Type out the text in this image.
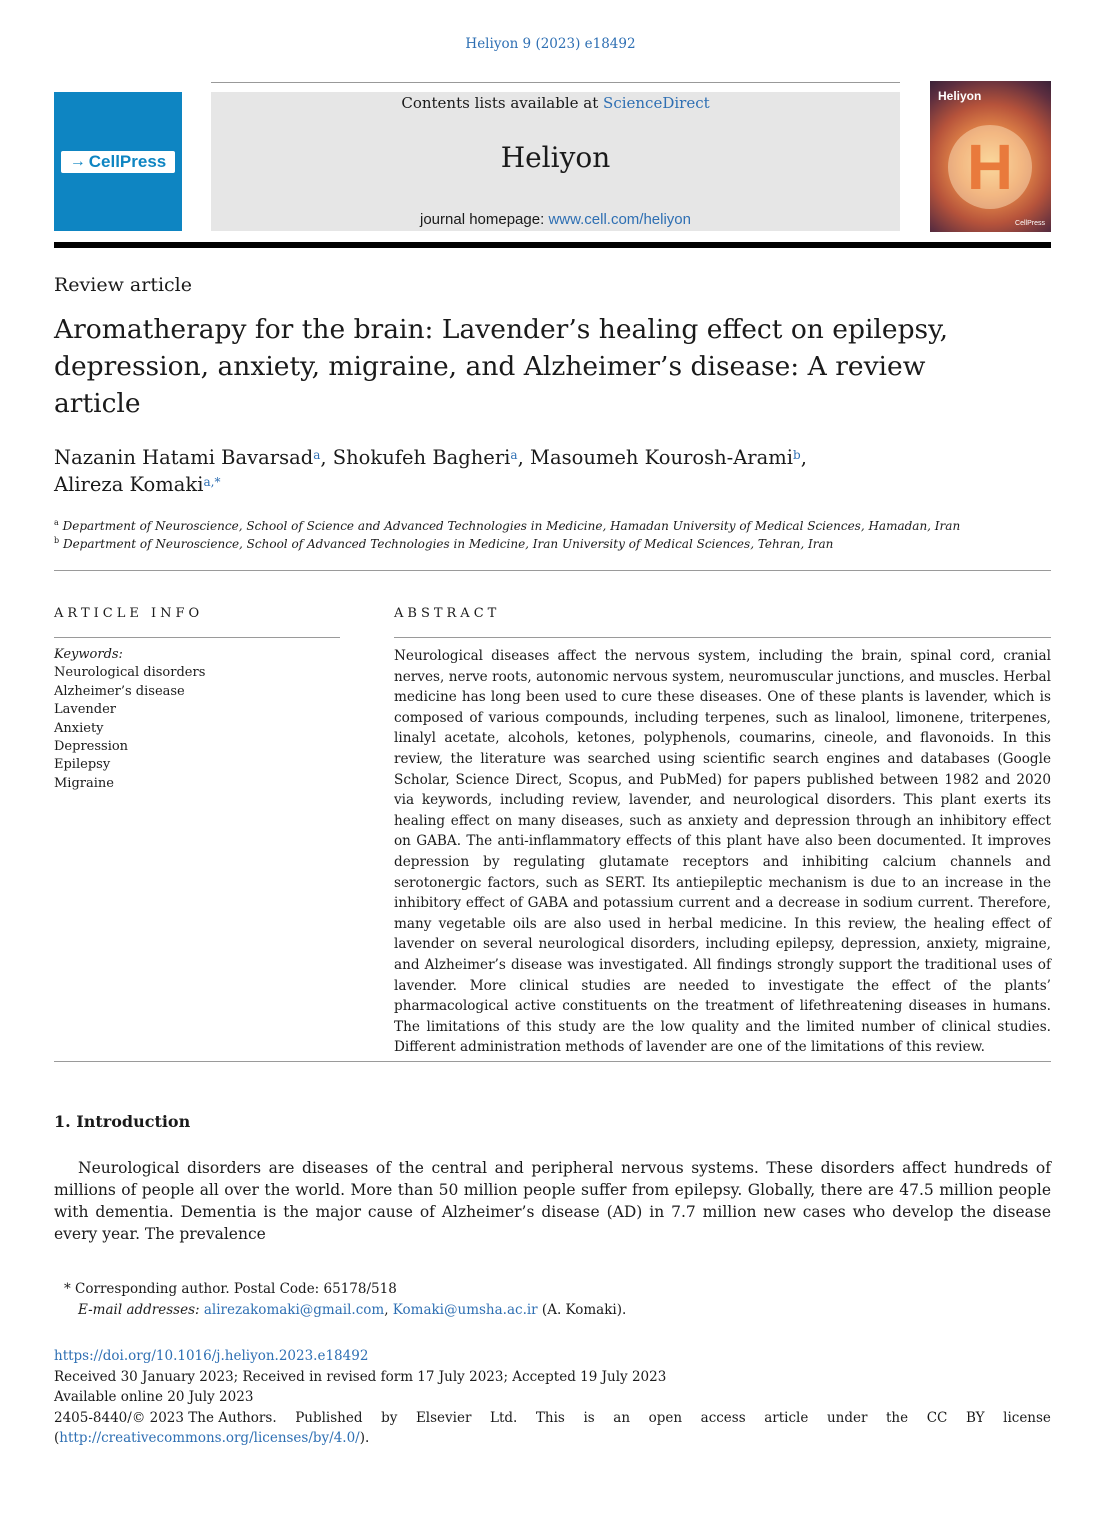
Heliyon 9 (2023) e18492
→ CellPress
Contents lists available at ScienceDirect
Heliyon
journal homepage: www.cell.com/heliyon
Heliyon
H
CellPress
Review article
Aromatherapy for the brain: Lavender’s healing effect on epilepsy, depression, anxiety, migraine, and Alzheimer’s disease: A review article
Nazanin Hatami Bavarsad$^a$, Shokufeh Bagheri$^a$, Masoumeh Kourosh-Arami$^b$,
Alireza Komaki$^{a,*}$
$^a$ Department of Neuroscience, School of Science and Advanced Technologies in Medicine, Hamadan University of Medical Sciences, Hamadan, Iran
$^b$ Department of Neuroscience, School of Advanced Technologies in Medicine, Iran University of Medical Sciences, Tehran, Iran
ARTICLE INFO	ABSTRACT
Keywords:
Neurological disorders
Alzheimer’s disease
Lavender
Anxiety
Depression
Epilepsy
Migraine
Neurological diseases affect the nervous system, including the brain, spinal cord, cranial nerves, nerve roots, autonomic nervous system, neuromuscular junctions, and muscles. Herbal medicine has long been used to cure these diseases. One of these plants is lavender, which is composed of various compounds, including terpenes, such as linalool, limonene, triterpenes, linalyl acetate, alcohols, ketones, polyphenols, coumarins, cineole, and flavonoids. In this review, the literature was searched using scientific search engines and databases (Google Scholar, Science Direct, Scopus, and PubMed) for papers published between 1982 and 2020 via keywords, including review, lavender, and neurological disorders. This plant exerts its healing effect on many diseases, such as anxiety and depression through an inhibitory effect on GABA. The anti-inflammatory effects of this plant have also been documented. It improves depression by regulating glutamate receptors and inhibiting calcium channels and serotonergic factors, such as SERT. Its antiepileptic mechanism is due to an increase in the inhibitory effect of GABA and potassium current and a decrease in sodium current. Therefore, many vegetable oils are also used in herbal medicine. In this review, the healing effect of lavender on several neurological disorders, including epilepsy, depression, anxiety, migraine, and Alzheimer’s disease was investigated. All findings strongly support the traditional uses of lavender. More clinical studies are needed to investigate the effect of the plants’ pharmacological active constituents on the treatment of lifethreatening diseases in humans. The limitations of this study are the low quality and the limited number of clinical studies. Different administration methods of lavender are one of the limitations of this review.
1. Introduction
Neurological disorders are diseases of the central and peripheral nervous systems. These disorders affect hundreds of millions of people all over the world. More than 50 million people suffer from epilepsy. Globally, there are 47.5 million people with dementia. Dementia is the major cause of Alzheimer’s disease (AD) in 7.7 million new cases who develop the disease every year. The prevalence
* Corresponding author. Postal Code: 65178/518
E-mail addresses: alirezakomaki@gmail.com, Komaki@umsha.ac.ir (A. Komaki).
https://doi.org/10.1016/j.heliyon.2023.e18492
Received 30 January 2023; Received in revised form 17 July 2023; Accepted 19 July 2023
Available online 20 July 2023
2405-8440/© 2023 The Authors. Published by Elsevier Ltd. This is an open access article under the CC BY license
(http://creativecommons.org/licenses/by/4.0/).
